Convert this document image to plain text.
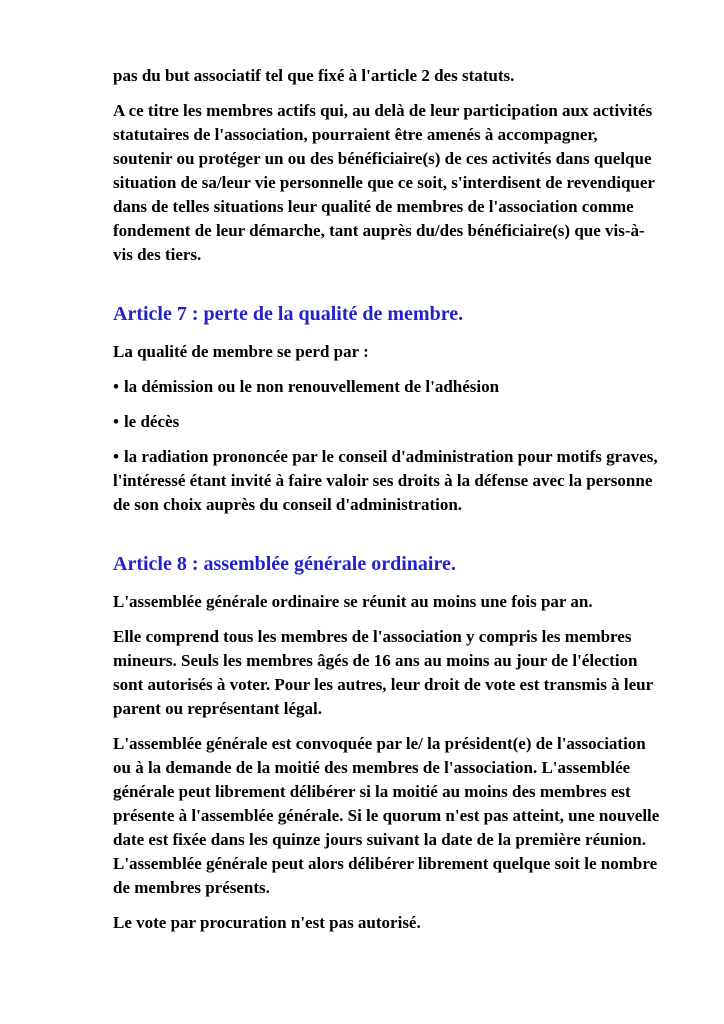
pas du but associatif tel que fixé à l'article 2 des statuts.

A ce titre les membres actifs qui, au delà de leur participation aux activités statutaires de l'association, pourraient être amenés à accompagner, soutenir ou protéger un ou des bénéficiaire(s) de ces activités dans quelque situation de sa/leur vie personnelle que ce soit, s'interdisent de revendiquer dans de telles situations leur qualité de membres de l'association comme fondement de leur démarche, tant auprès du/des bénéficiaire(s) que vis-à-vis des tiers.

Article 7 : perte de la qualité de membre.

La qualité de membre se perd par :

• la démission ou le non renouvellement de l'adhésion

• le décès

• la radiation prononcée par le conseil d'administration pour motifs graves, l'intéressé étant invité à faire valoir ses droits à la défense avec la personne de son choix auprès du conseil d'administration.

Article 8 : assemblée générale ordinaire.

L'assemblée générale ordinaire se réunit au moins une fois par an.

Elle comprend tous les membres de l'association y compris les membres mineurs. Seuls les membres âgés de 16 ans au moins au jour de l'élection sont autorisés à voter. Pour les autres, leur droit de vote est transmis à leur parent ou représentant légal.

L'assemblée générale est convoquée par le/ la président(e) de l'association ou à la demande de la moitié des membres de l'association. L'assemblée générale peut librement délibérer si la moitié au moins des membres est présente à l'assemblée générale. Si le quorum n'est pas atteint, une nouvelle date est fixée dans les quinze jours suivant la date de la première réunion. L'assemblée générale peut alors délibérer librement quelque soit le nombre de membres présents.

Le vote par procuration n'est pas autorisé.
